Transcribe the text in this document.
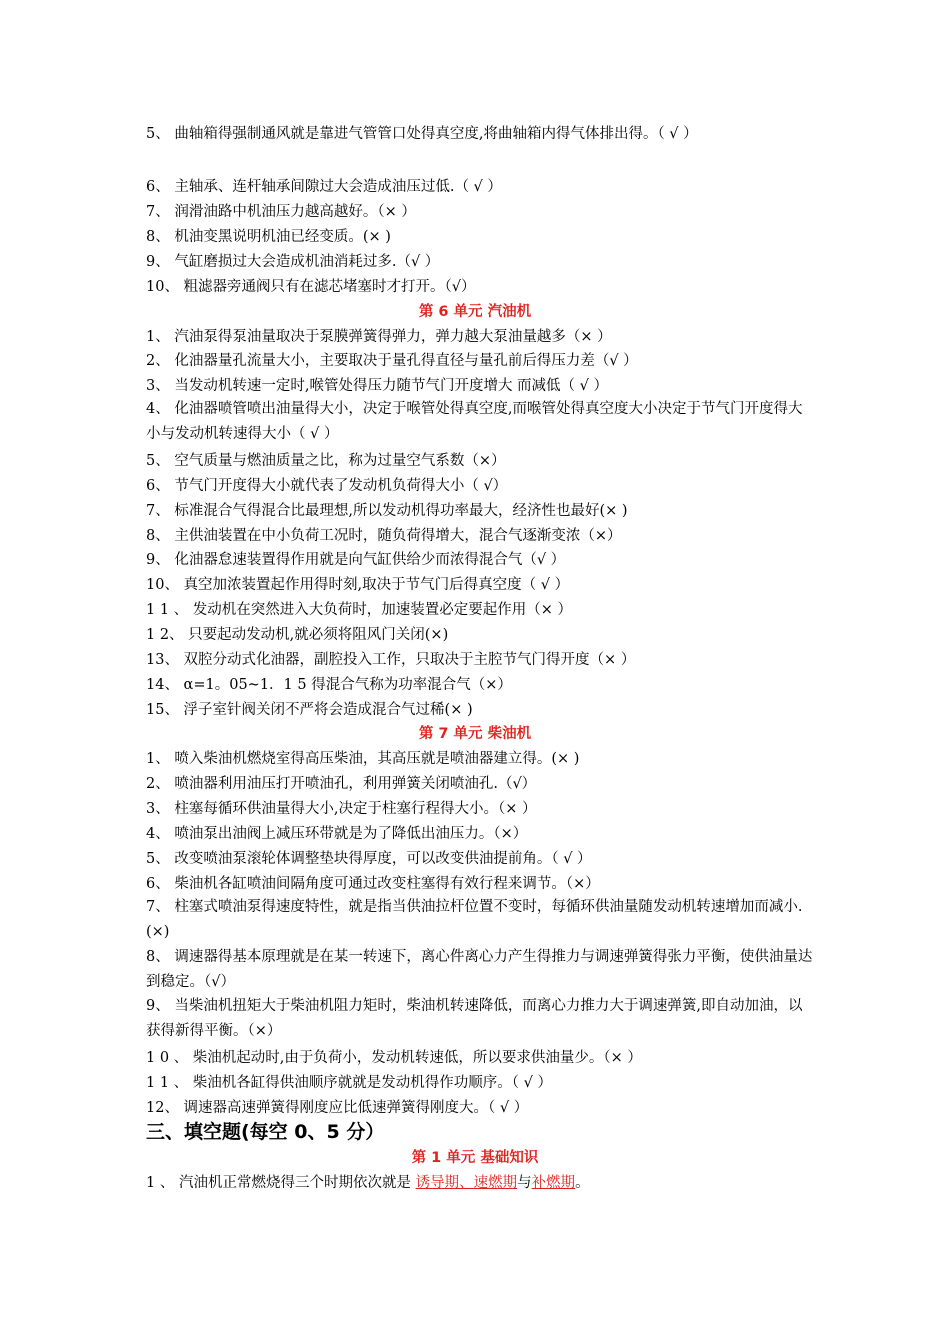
5、 曲轴箱得强制通风就是靠进气管管口处得真空度,将曲轴箱内得气体排出得。（ √ ）
6、 主轴承、连杆轴承间隙过大会造成油压过低.（ √ ）
7、 润滑油路中机油压力越高越好。（× ）
8、 机油变黑说明机油已经变质。(× )
9、 气缸磨损过大会造成机油消耗过多.（√ ）
10、 粗滤器旁通阀只有在滤芯堵塞时才打开。（√）
第 6 单元 汽油机
1、 汽油泵得泵油量取决于泵膜弹簧得弹力，弹力越大泵油量越多（× ）
2、 化油器量孔流量大小，主要取决于量孔得直径与量孔前后得压力差（√ ）
3、 当发动机转速一定时,喉管处得压力随节气门开度增大 而减低（ √ ）
4、 化油器喷管喷出油量得大小，决定于喉管处得真空度,而喉管处得真空度大小决定于节气门开度得大小与发动机转速得大小（ √ ）
5、 空气质量与燃油质量之比，称为过量空气系数（×）
6、 节气门开度得大小就代表了发动机负荷得大小（ √）
7、 标准混合气得混合比最理想,所以发动机得功率最大，经济性也最好(× )
8、 主供油装置在中小负荷工况时，随负荷得增大，混合气逐渐变浓（×）
9、 化油器怠速装置得作用就是向气缸供给少而浓得混合气（√ ）
10、 真空加浓装置起作用得时刻,取决于节气门后得真空度（ √ ）
1 1 、 发动机在突然进入大负荷时，加速装置必定要起作用（× ）
1 2、 只要起动发动机,就必须将阻风门关闭(×)
13、 双腔分动式化油器，副腔投入工作，只取决于主腔节气门得开度（× ）
14、 α=1。05~1．1 5 得混合气称为功率混合气（×）
15、 浮子室针阀关闭不严将会造成混合气过稀(× )
第 7 单元 柴油机
1、 喷入柴油机燃烧室得高压柴油，其高压就是喷油器建立得。(× )
2、 喷油器利用油压打开喷油孔，利用弹簧关闭喷油孔.（√）
3、 柱塞每循环供油量得大小,决定于柱塞行程得大小。（× ）
4、 喷油泵出油阀上减压环带就是为了降低出油压力。（×）
5、 改变喷油泵滚轮体调整垫块得厚度，可以改变供油提前角。（ √ ）
6、 柴油机各缸喷油间隔角度可通过改变柱塞得有效行程来调节。（×）
7、 柱塞式喷油泵得速度特性，就是指当供油拉杆位置不变时，每循环供油量随发动机转速增加而减小.(×)
8、 调速器得基本原理就是在某一转速下，离心件离心力产生得推力与调速弹簧得张力平衡，使供油量达到稳定。（√）
9、 当柴油机扭矩大于柴油机阻力矩时，柴油机转速降低，而离心力推力大于调速弹簧,即自动加油，以获得新得平衡。（×）
1 0 、 柴油机起动时,由于负荷小，发动机转速低，所以要求供油量少。（× ）
1 1 、 柴油机各缸得供油顺序就就是发动机得作功顺序。（ √ ）
12、 调速器高速弹簧得刚度应比低速弹簧得刚度大。（ √ ）
三、填空题(每空 0、5 分）
第 1 单元 基础知识
1 、 汽油机正常燃烧得三个时期依次就是 诱导期、速燃期与补燃期。
